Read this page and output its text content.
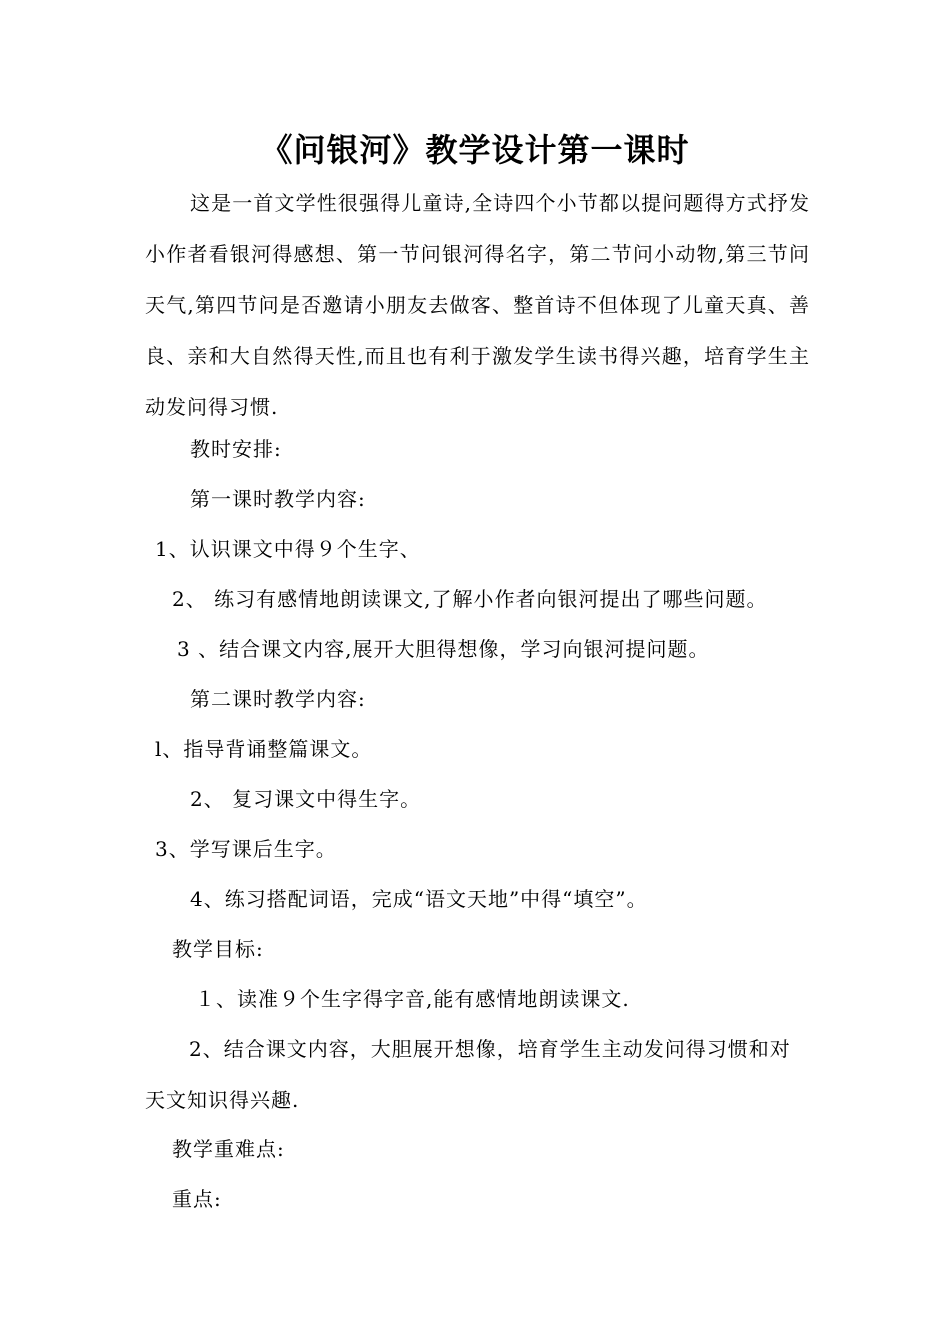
《问银河》教学设计第一课时

这是一首文学性很强得儿童诗,全诗四个小节都以提问题得方式抒发小作者看银河得感想、第一节问银河得名字，第二节问小动物,第三节问天气,第四节问是否邀请小朋友去做客、整首诗不但体现了儿童天真、善良、亲和大自然得天性,而且也有利于激发学生读书得兴趣，培育学生主动发问得习惯.

教时安排:

第一课时教学内容:

1、认识课文中得９个生字、

2、 练习有感情地朗读课文,了解小作者向银河提出了哪些问题。

3 、结合课文内容,展开大胆得想像，学习向银河提问题。

第二课时教学内容:

l、指导背诵整篇课文。

2、 复习课文中得生字。

3、学写课后生字。

4、练习搭配词语，完成“语文天地”中得“填空”。

教学目标:

１、读准９个生字得字音,能有感情地朗读课文.

2、结合课文内容，大胆展开想像，培育学生主动发问得习惯和对天文知识得兴趣.

教学重难点:

重点:
